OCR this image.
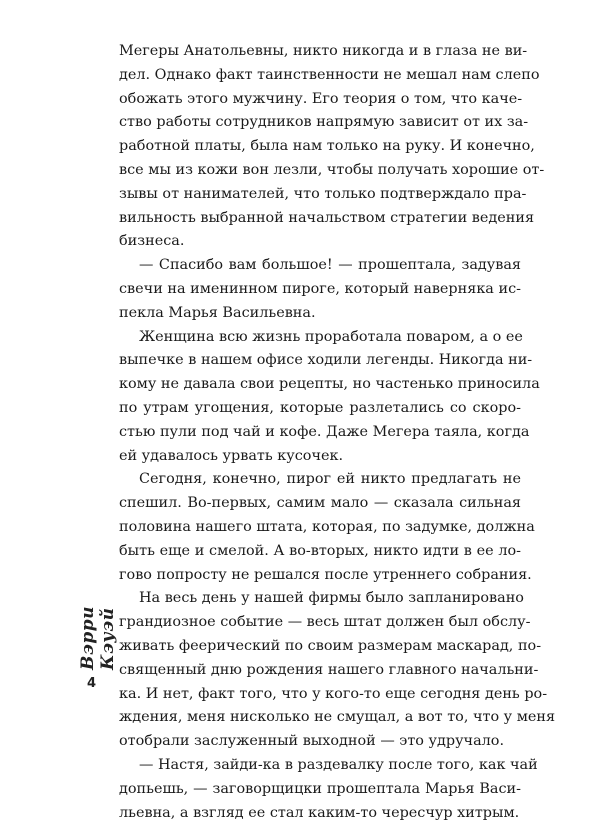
Вэрри Кэуэй
4
Мегеры Анатольевны, никто никогда и в глаза не ви-
дел. Однако факт таинственности не мешал нам слепо
обожать этого мужчину. Его теория о том, что каче-
ство работы сотрудников напрямую зависит от их за-
работной платы, была нам только на руку. И конечно,
все мы из кожи вон лезли, чтобы получать хорошие от-
зывы от нанимателей, что только подтверждало пра-
вильность выбранной начальством стратегии ведения
бизнеса.
— Спасибо вам большое! — прошептала, задувая
свечи на именинном пироге, который наверняка ис-
пекла Марья Васильевна.
Женщина всю жизнь проработала поваром, а о ее
выпечке в нашем офисе ходили легенды. Никогда ни-
кому не давала свои рецепты, но частенько приносила
по утрам угощения, которые разлетались со скоро-
стью пули под чай и кофе. Даже Мегера таяла, когда
ей удавалось урвать кусочек.
Сегодня, конечно, пирог ей никто предлагать не
спешил. Во-первых, самим мало — сказала сильная
половина нашего штата, которая, по задумке, должна
быть еще и смелой. А во-вторых, никто идти в ее ло-
гово попросту не решался после утреннего собрания.
На весь день у нашей фирмы было запланировано
грандиозное событие — весь штат должен был обслу-
живать феерический по своим размерам маскарад, по-
священный дню рождения нашего главного начальни-
ка. И нет, факт того, что у кого-то еще сегодня день ро-
ждения, меня нисколько не смущал, а вот то, что у меня
отобрали заслуженный выходной — это удручало.
— Настя, зайди-ка в раздевалку после того, как чай
допьешь, — заговорщицки прошептала Марья Васи-
льевна, а взгляд ее стал каким-то чересчур хитрым.
